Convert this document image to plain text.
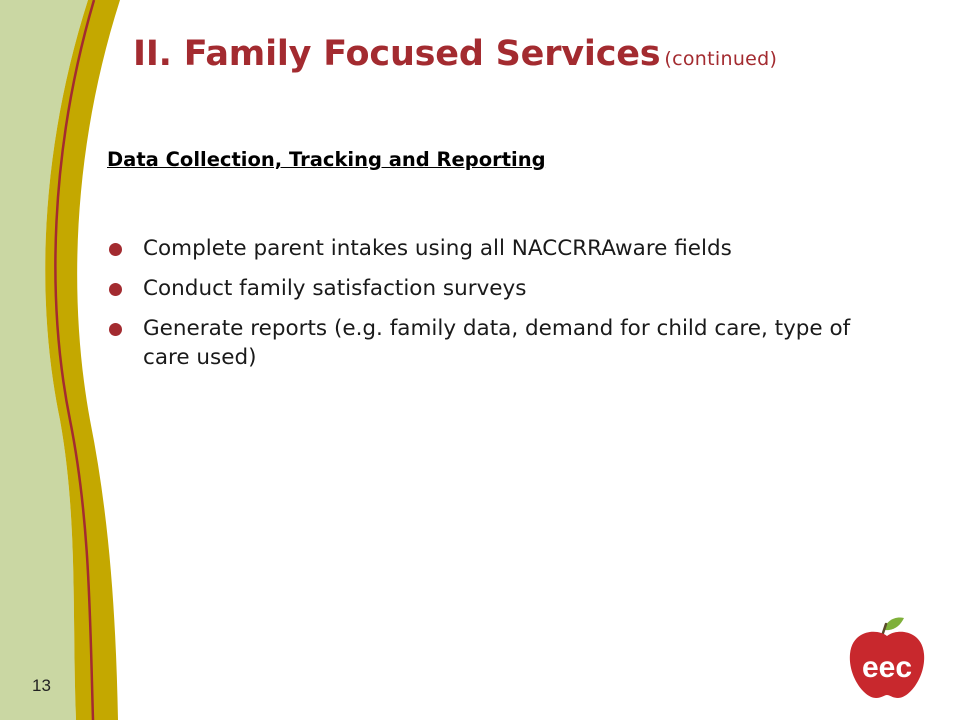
II. Family Focused Services (continued)
Data Collection, Tracking and Reporting
Complete parent intakes using all NACCRRAware fields
Conduct family satisfaction surveys
Generate reports (e.g. family data, demand for child care, type of care used)
13
eec
